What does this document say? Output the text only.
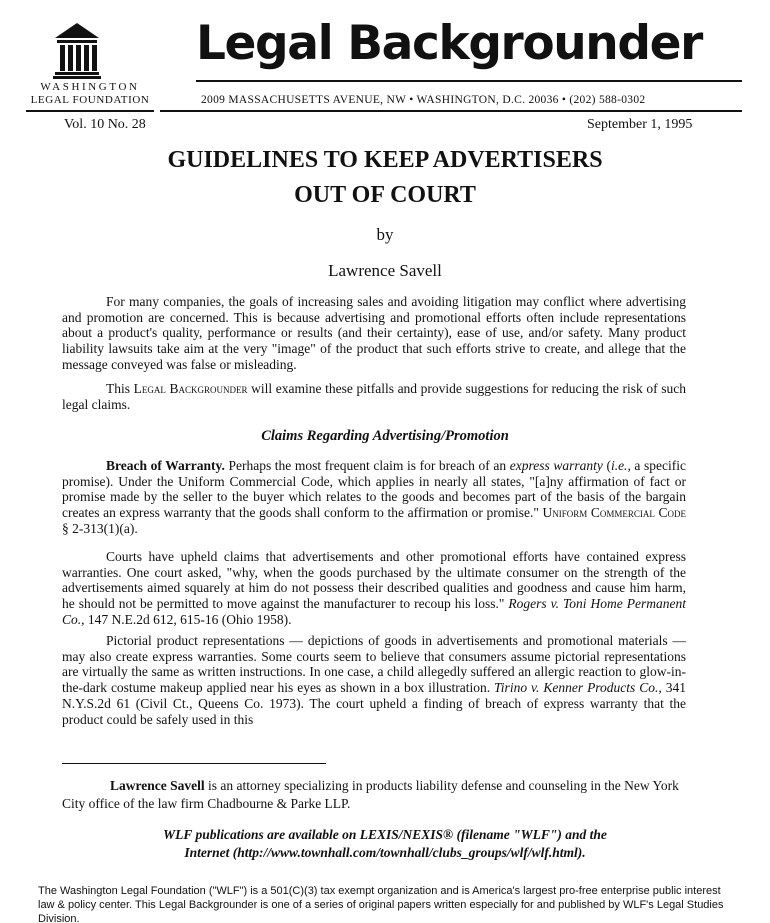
WASHINGTON
LEGAL FOUNDATION
Legal Backgrounder
2009 MASSACHUSETTS AVENUE, NW • WASHINGTON, D.C. 20036 • (202) 588-0302
Vol. 10 No. 28	September 1, 1995
GUIDELINES TO KEEP ADVERTISERS
OUT OF COURT
by
Lawrence Savell

For many companies, the goals of increasing sales and avoiding litigation may conflict where advertising and promotion are concerned. This is because advertising and promotional efforts often include representations about a product's quality, performance or results (and their certainty), ease of use, and/or safety. Many product liability lawsuits take aim at the very "image" of the product that such efforts strive to create, and allege that the message conveyed was false or misleading.

This Legal Backgrounder will examine these pitfalls and provide suggestions for reducing the risk of such legal claims.

Claims Regarding Advertising/Promotion

Breach of Warranty. Perhaps the most frequent claim is for breach of an express warranty (i.e., a specific promise). Under the Uniform Commercial Code, which applies in nearly all states, "[a]ny affirmation of fact or promise made by the seller to the buyer which relates to the goods and becomes part of the basis of the bargain creates an express warranty that the goods shall conform to the affirmation or promise." Uniform Commercial Code § 2-313(1)(a).

Courts have upheld claims that advertisements and other promotional efforts have contained express warranties. One court asked, "why, when the goods purchased by the ultimate consumer on the strength of the advertisements aimed squarely at him do not possess their described qualities and goodness and cause him harm, he should not be permitted to move against the manufacturer to recoup his loss." Rogers v. Toni Home Permanent Co., 147 N.E.2d 612, 615-16 (Ohio 1958).

Pictorial product representations — depictions of goods in advertisements and promotional materials — may also create express warranties. Some courts seem to believe that consumers assume pictorial representations are virtually the same as written instructions. In one case, a child allegedly suffered an allergic reaction to glow-in-the-dark costume makeup applied near his eyes as shown in a box illustration. Tirino v. Kenner Products Co., 341 N.Y.S.2d 61 (Civil Ct., Queens Co. 1973). The court upheld a finding of breach of express warranty that the product could be safely used in this

Lawrence Savell is an attorney specializing in products liability defense and counseling in the New York City office of the law firm Chadbourne & Parke LLP.

WLF publications are available on LEXIS/NEXIS® (filename "WLF") and the
Internet (http://www.townhall.com/townhall/clubs_groups/wlf/wlf.html).
The Washington Legal Foundation ("WLF") is a 501(C)(3) tax exempt organization and is America's largest pro-free enterprise public interest law & policy center. This Legal Backgrounder is one of a series of original papers written especially for and published by WLF's Legal Studies Division.
